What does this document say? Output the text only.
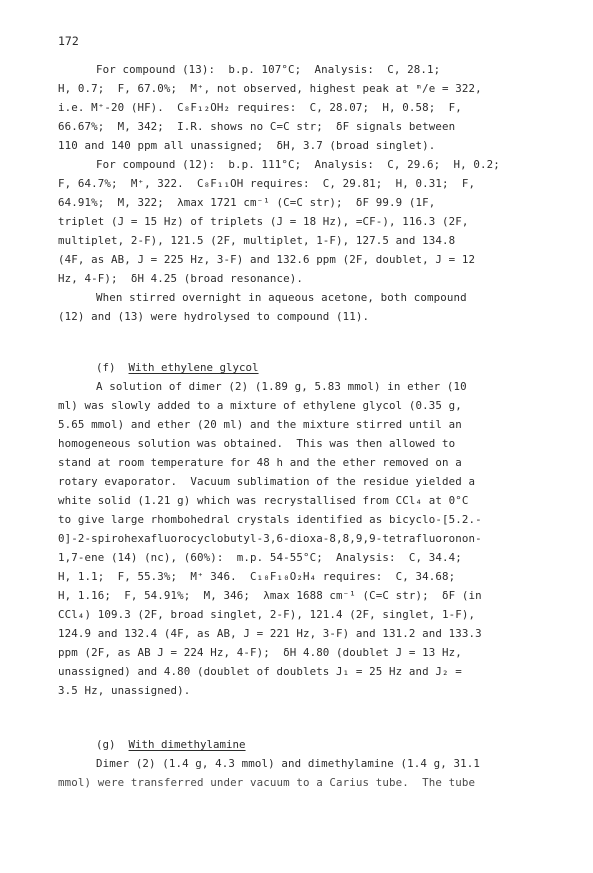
172
For compound (13):  b.p. 107°C;  Analysis:  C, 28.1;
H, 0.7;  F, 67.0%;  M⁺, not observed, highest peak at ᵐ/e = 322,
i.e. M⁺-20 (HF).  C₈F₁₂OH₂ requires:  C, 28.07;  H, 0.58;  F,
66.67%;  M, 342;  I.R. shows no C=C str;  δF signals between
110 and 140 ppm all unassigned;  δH, 3.7 (broad singlet).
For compound (12):  b.p. 111°C;  Analysis:  C, 29.6;  H, 0.2;
F, 64.7%;  M⁺, 322.  C₈F₁₁OH requires:  C, 29.81;  H, 0.31;  F,
64.91%;  M, 322;  λmax 1721 cm⁻¹ (C=C str);  δF 99.9 (1F,
triplet (J = 15 Hz) of triplets (J = 18 Hz), =CF-), 116.3 (2F,
multiplet, 2-F), 121.5 (2F, multiplet, 1-F), 127.5 and 134.8
(4F, as AB, J = 225 Hz, 3-F) and 132.6 ppm (2F, doublet, J = 12
Hz, 4-F);  δH 4.25 (broad resonance).
When stirred overnight in aqueous acetone, both compound
(12) and (13) were hydrolysed to compound (11).
(f) With ethylene glycol
A solution of dimer (2) (1.89 g, 5.83 mmol) in ether (10
ml) was slowly added to a mixture of ethylene glycol (0.35 g,
5.65 mmol) and ether (20 ml) and the mixture stirred until an
homogeneous solution was obtained.  This was then allowed to
stand at room temperature for 48 h and the ether removed on a
rotary evaporator.  Vacuum sublimation of the residue yielded a
white solid (1.21 g) which was recrystallised from CCl₄ at 0°C
to give large rhombohedral crystals identified as bicyclo-[5.2.-
0]-2-spirohexafluorocyclobutyl-3,6-dioxa-8,8,9,9-tetrafluoronon-
1,7-ene (14) (nc), (60%):  m.p. 54-55°C;  Analysis:  C, 34.4;
H, 1.1;  F, 55.3%;  M⁺ 346.  C₁₀F₁₀O₂H₄ requires:  C, 34.68;
H, 1.16;  F, 54.91%;  M, 346;  λmax 1688 cm⁻¹ (C=C str);  δF (in
CCl₄) 109.3 (2F, broad singlet, 2-F), 121.4 (2F, singlet, 1-F),
124.9 and 132.4 (4F, as AB, J = 221 Hz, 3-F) and 131.2 and 133.3
ppm (2F, as AB J = 224 Hz, 4-F);  δH 4.80 (doublet J = 13 Hz,
unassigned) and 4.80 (doublet of doublets J₁ = 25 Hz and J₂ =
3.5 Hz, unassigned).
(g) With dimethylamine
Dimer (2) (1.4 g, 4.3 mmol) and dimethylamine (1.4 g, 31.1
mmol) were transferred under vacuum to a Carius tube.  The tube
